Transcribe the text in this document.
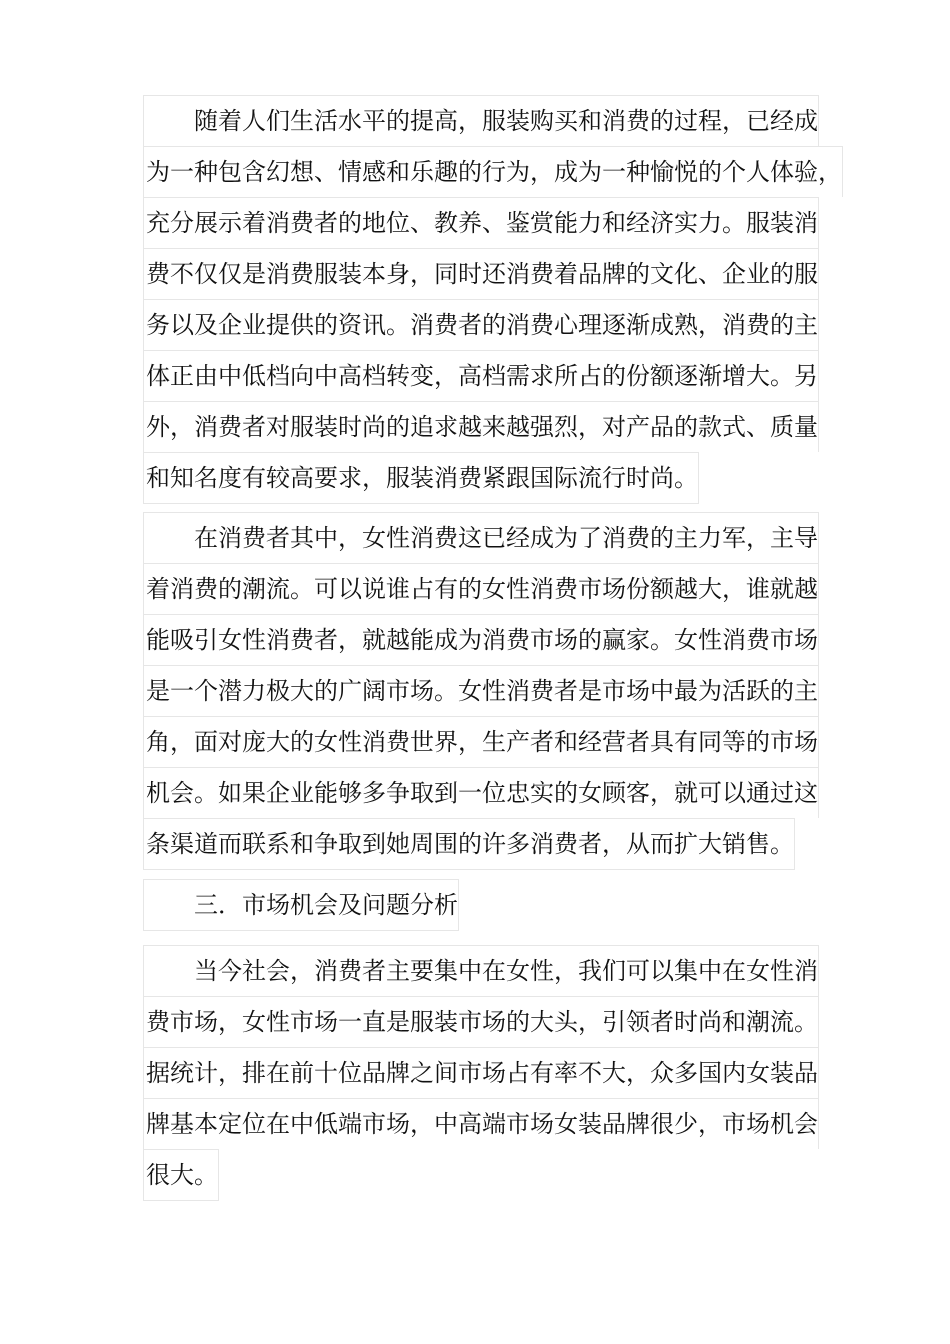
随着人们生活水平的提高，服装购买和消费的过程，已经成
为一种包含幻想、情感和乐趣的行为，成为一种愉悦的个人体验，
充分展示着消费者的地位、教养、鉴赏能力和经济实力。服装消
费不仅仅是消费服装本身，同时还消费着品牌的文化、企业的服
务以及企业提供的资讯。消费者的消费心理逐渐成熟，消费的主
体正由中低档向中高档转变，高档需求所占的份额逐渐增大。另
外，消费者对服装时尚的追求越来越强烈，对产品的款式、质量
和知名度有较高要求，服装消费紧跟国际流行时尚。
在消费者其中，女性消费这已经成为了消费的主力军，主导
着消费的潮流。可以说谁占有的女性消费市场份额越大，谁就越
能吸引女性消费者，就越能成为消费市场的赢家。女性消费市场
是一个潜力极大的广阔市场。女性消费者是市场中最为活跃的主
角，面对庞大的女性消费世界，生产者和经营者具有同等的市场
机会。如果企业能够多争取到一位忠实的女顾客，就可以通过这
条渠道而联系和争取到她周围的许多消费者，从而扩大销售。
三．市场机会及问题分析
当今社会，消费者主要集中在女性，我们可以集中在女性消
费市场，女性市场一直是服装市场的大头，引领者时尚和潮流。
据统计，排在前十位品牌之间市场占有率不大，众多国内女装品
牌基本定位在中低端市场，中高端市场女装品牌很少，市场机会
很大。
